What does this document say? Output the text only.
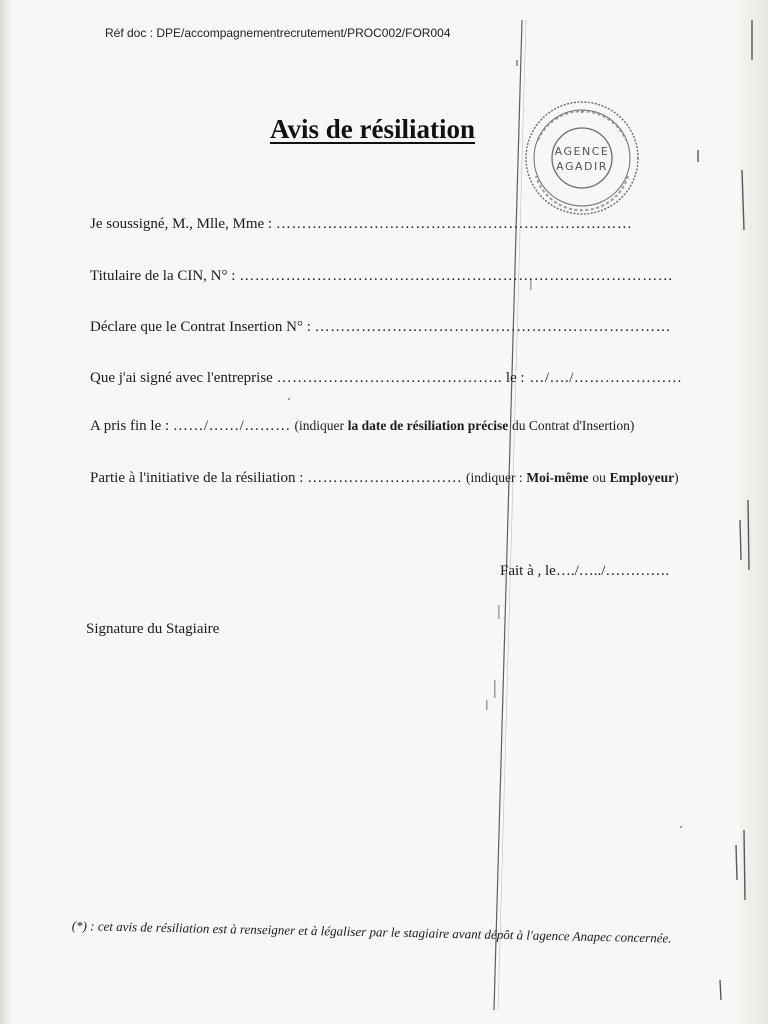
Réf doc : DPE/accompagnementrecrutement/PROC002/FOR004
Avis de résiliation
AGENCE
AGADIR
Je soussigné, M., Mlle, Mme : ……………………………………………………………
Titulaire de la CIN, N° : …………………………………………………………………………
Déclare que le Contrat Insertion N° : ……………………………………………………………
Que j'ai signé avec l'entreprise …………………………………….. le : …/…./…………………
A pris fin le : ……/……/……… (indiquer la date de résiliation précise du Contrat d'Insertion)
Partie à l'initiative de la résiliation : ………………………… (indiquer : Moi-même ou Employeur)
Fait à , le…./…../………….
Signature du Stagiaire
(*) : cet avis de résiliation est à renseigner et à légaliser par le stagiaire avant dépôt à l'agence Anapec concernée.
